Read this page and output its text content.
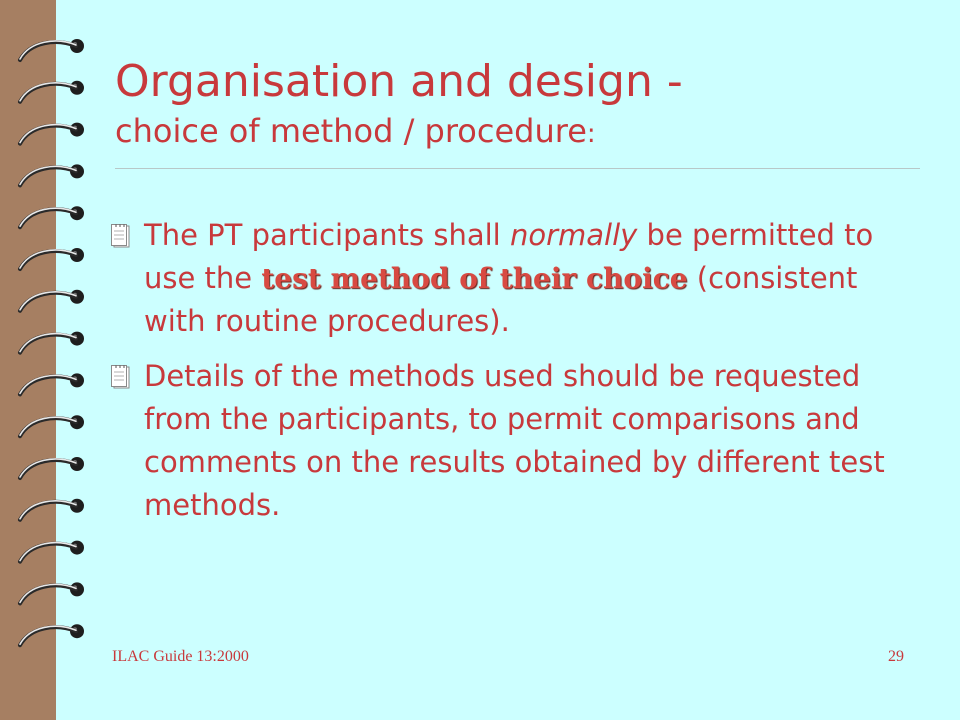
Organisation and design -
choice of method / procedure:
The PT participants shall normally be permitted to use the test method of their choice (consistent with routine procedures).
Details of the methods used should be requested from the participants, to permit comparisons and comments on the results obtained by different test methods.
ILAC Guide 13:2000	29
